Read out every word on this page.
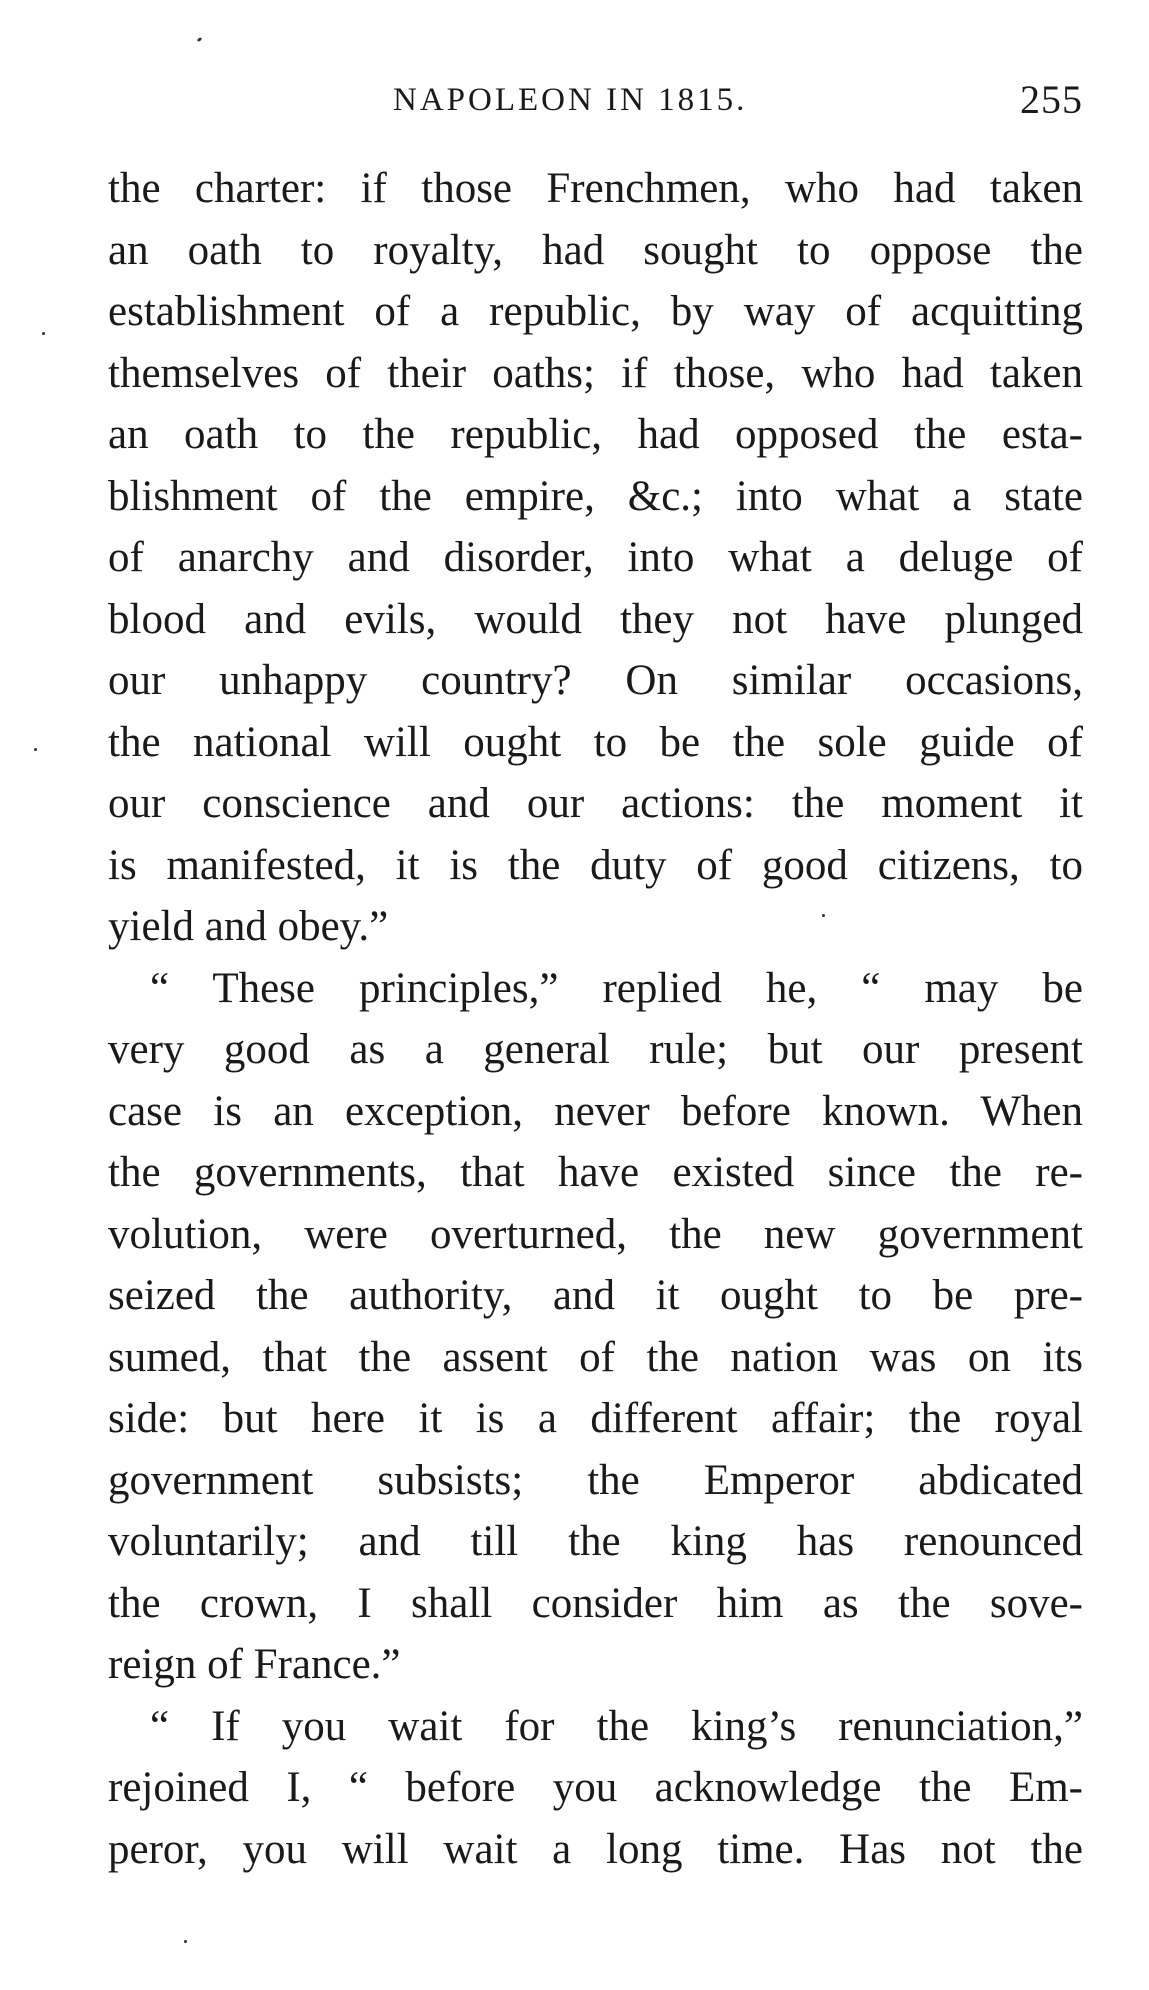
NAPOLEON IN 1815.	255
the charter: if those Frenchmen, who had taken
an oath to royalty, had sought to oppose the
establishment of a republic, by way of acquitting
themselves of their oaths; if those, who had taken
an oath to the republic, had opposed the esta-
blishment of the empire, &c.; into what a state
of anarchy and disorder, into what a deluge of
blood and evils, would they not have plunged
our unhappy country? On similar occasions,
the national will ought to be the sole guide of
our conscience and our actions: the moment it
is manifested, it is the duty of good citizens, to
yield and obey.”
“ These principles,” replied he, “ may be
very good as a general rule; but our present
case is an exception, never before known. When
the governments, that have existed since the re-
volution, were overturned, the new government
seized the authority, and it ought to be pre-
sumed, that the assent of the nation was on its
side: but here it is a different affair; the royal
government subsists; the Emperor abdicated
voluntarily; and till the king has renounced
the crown, I shall consider him as the sove-
reign of France.”
“ If you wait for the king’s renunciation,”
rejoined I, “ before you acknowledge the Em-
peror, you will wait a long time. Has not the
